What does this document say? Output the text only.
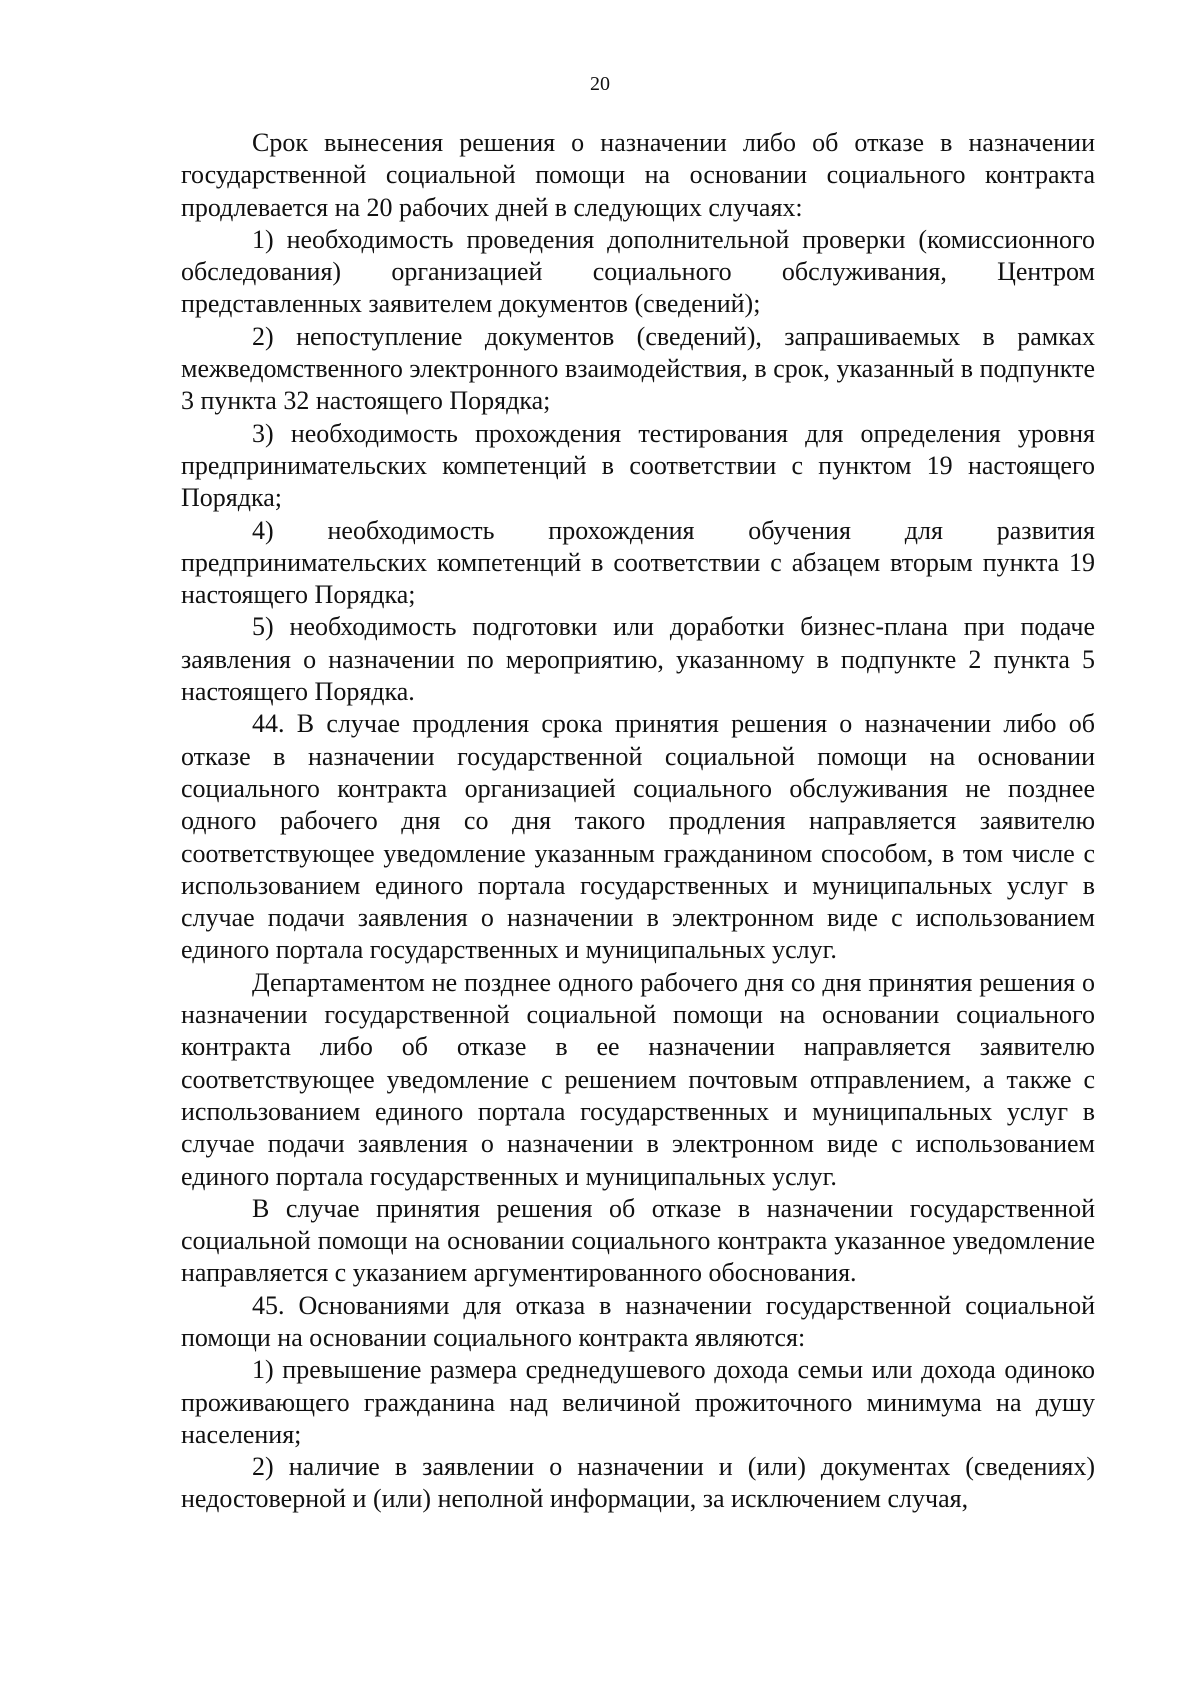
20

Срок вынесения решения о назначении либо об отказе в назначении государственной социальной помощи на основании социального контракта продлевается на 20 рабочих дней в следующих случаях:

1) необходимость проведения дополнительной проверки (комиссионного обследования) организацией социального обслуживания, Центром представленных заявителем документов (сведений);

2) непоступление документов (сведений), запрашиваемых в рамках межведомственного электронного взаимодействия, в срок, указанный в подпункте 3 пункта 32 настоящего Порядка;

3) необходимость прохождения тестирования для определения уровня предпринимательских компетенций в соответствии с пунктом 19 настоящего Порядка;

4) необходимость прохождения обучения для развития предпринимательских компетенций в соответствии с абзацем вторым пункта 19 настоящего Порядка;

5) необходимость подготовки или доработки бизнес-плана при подаче заявления о назначении по мероприятию, указанному в подпункте 2 пункта 5 настоящего Порядка.

44. В случае продления срока принятия решения о назначении либо об отказе в назначении государственной социальной помощи на основании социального контракта организацией социального обслуживания не позднее одного рабочего дня со дня такого продления направляется заявителю соответствующее уведомление указанным гражданином способом, в том числе с использованием единого портала государственных и муниципальных услуг в случае подачи заявления о назначении в электронном виде с использованием единого портала государственных и муниципальных услуг.

Департаментом не позднее одного рабочего дня со дня принятия решения о назначении государственной социальной помощи на основании социального контракта либо об отказе в ее назначении направляется заявителю соответствующее уведомление с решением почтовым отправлением, а также с использованием единого портала государственных и муниципальных услуг в случае подачи заявления о назначении в электронном виде с использованием единого портала государственных и муниципальных услуг.

В случае принятия решения об отказе в назначении государственной социальной помощи на основании социального контракта указанное уведомление направляется с указанием аргументированного обоснования.

45. Основаниями для отказа в назначении государственной социальной помощи на основании социального контракта являются:

1) превышение размера среднедушевого дохода семьи или дохода одиноко проживающего гражданина над величиной прожиточного минимума на душу населения;

2) наличие в заявлении о назначении и (или) документах (сведениях) недостоверной и (или) неполной информации, за исключением случая,
